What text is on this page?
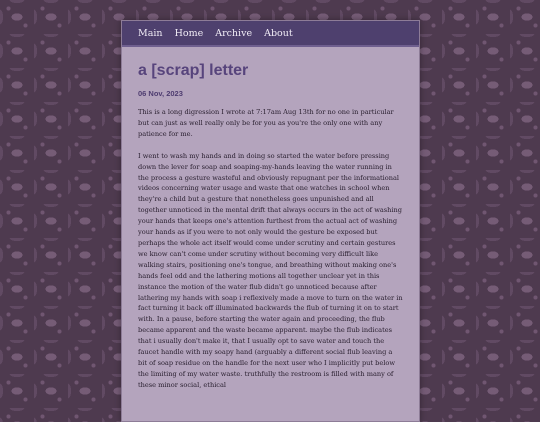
Main Home Archive About
a [scrap] letter
06 Nov, 2023

This is a long digression I wrote at 7:17am Aug 13th for no one in particular but can just as well really only be for you as you're the only one with any patience for me.

I went to wash my hands and in doing so started the water before pressing down the lever for soap and soaping-my-hands leaving the water running in the process a gesture wasteful and obviously repugnant per the informational videos concerning water usage and waste that one watches in school when they're a child but a gesture that nonetheless goes unpunished and all together unnoticed in the mental drift that always occurs in the act of washing your hands that keeps one's attention furthest from the actual act of washing your hands as if you were to not only would the gesture be exposed but perhaps the whole act itself would come under scrutiny and certain gestures we know can't come under scrutiny without becoming very difficult like walking stairs, positioning one's tongue, and breathing without making one's hands feel odd and the lathering motions all together unclear yet in this instance the motion of the water flub didn't go unnoticed because after lathering my hands with soap i reflexively made a move to turn on the water in fact turning it back off illuminated backwards the flub of turning it on to start with. In a pause, before starting the water again and proceeding, the flub became apparent and the waste became apparent. maybe the flub indicates that i usually don't make it, that I usually opt to save water and touch the faucet handle with my soapy hand (arguably a different social flub leaving a bit of soap residue on the handle for the next user who I implicitly put below the limiting of my water waste. truthfully the restroom is filled with many of these minor social, ethical
